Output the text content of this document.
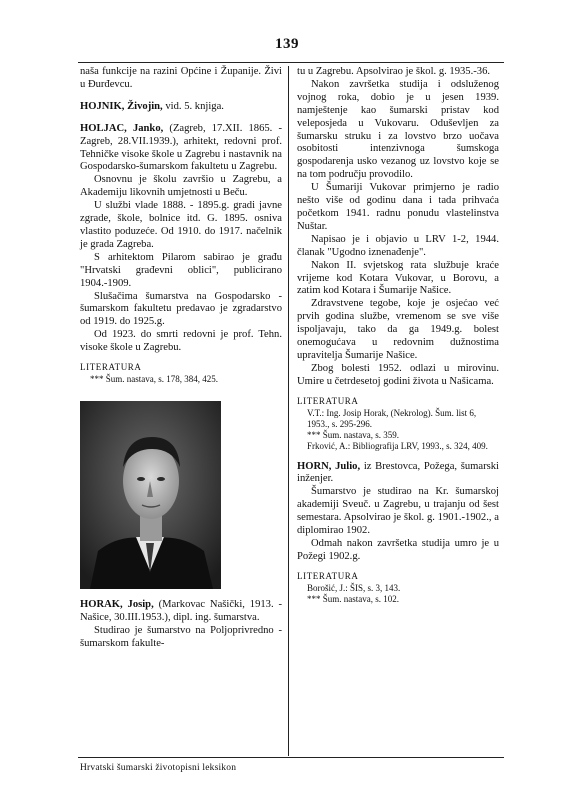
139

naša funkcije na razini Općine i Županije. Živi u Đurđevcu.

HOJNIK, Živojin, vid. 5. knjiga.

HOLJAC, Janko, (Zagreb, 17.XII. 1865. - Zagreb, 28.VII.1939.), arhitekt, redovni prof. Tehničke visoke škole u Zagrebu i nastavnik na Gospodarsko-šumarskom fakultetu u Zagrebu.

Osnovnu je školu završio u Zagrebu, a Akademiju likovnih umjetnosti u Beču.

U službi vlade 1888. - 1895.g. gradi javne zgrade, škole, bolnice itd. G. 1895. osniva vlastito poduzeće. Od 1910. do 1917. načelnik je grada Zagreba.

S arhitektom Pilarom sabirao je građu "Hrvatski građevni oblici", publicirano 1904.-1909.

Slušačima šumarstva na Gospodarsko - šumarskom fakultetu predavao je zgradarstvo od 1919. do 1925.g.

Od 1923. do smrti redovni je prof. Tehn. visoke škole u Zagrebu.

LITERATURA
*** Šum. nastava, s. 178, 384, 425.

HORAK, Josip, (Markovac Našički, 1913. - Našice, 30.III.1953.), dipl. ing. šumarstva.

Studirao je šumarstvo na Poljoprivredno - šumarskom fakulte-

tu u Zagrebu. Apsolvirao je škol. g. 1935.-36.

Nakon završetka studija i odsluženog vojnog roka, dobio je u jesen 1939. namještenje kao šumarski pristav kod veleposjeda u Vukovaru. Oduševljen za šumarsku struku i za lovstvo brzo uočava osobitosti intenzivnoga šumskoga gospodarenja usko vezanog uz lovstvo koje se na tom području provodilo.

U Šumariji Vukovar primjerno je radio nešto više od godinu dana i tada prihvaća početkom 1941. radnu ponudu vlastelinstva Nuštar.

Napisao je i objavio u LRV 1-2, 1944. članak "Ugodno iznenađenje".

Nakon II. svjetskog rata službuje kraće vrijeme kod Kotara Vukovar, u Borovu, a zatim kod Kotara i Šumarije Našice.

Zdravstvene tegobe, koje je osjećao već prvih godina službe, vremenom se sve više ispoljavaju, tako da ga 1949.g. bolest onemogućava u redovnim dužnostima upravitelja Šumarije Našice.

Zbog bolesti 1952. odlazi u mirovinu. Umire u četrdesetoj godini života u Našicama.

LITERATURA
V.T.: Ing. Josip Horak, (Nekrolog). Šum. list 6, 1953., s. 295-296.
*** Šum. nastava, s. 359.
Frković, A.: Bibliografija LRV, 1993., s. 324, 409.

HORN, Julio, iz Brestovca, Požega, šumarski inženjer.

Šumarstvo je studirao na Kr. šumarskoj akademiji Sveuč. u Zagrebu, u trajanju od šest semestara. Apsolvirao je škol. g. 1901.-1902., a diplomirao 1902.

Odmah nakon završetka studija umro je u Požegi 1902.g.

LITERATURA
Borošić, J.: ŠIS, s. 3, 143.
*** Šum. nastava, s. 102.
Hrvatski šumarski životopisni leksikon
